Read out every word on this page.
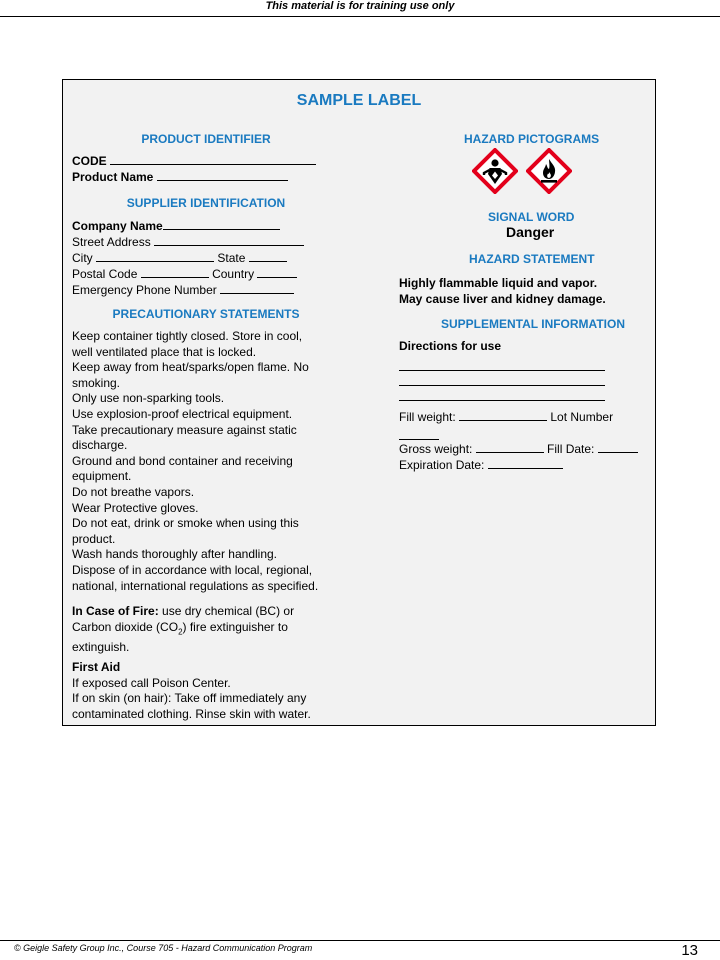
This material is for training use only
SAMPLE LABEL
PRODUCT IDENTIFIER
CODE
Product Name
SUPPLIER IDENTIFICATION
Company Name
Street Address
City	State
Postal Code	Country
Emergency Phone Number
PRECAUTIONARY STATEMENTS
Keep container tightly closed. Store in cool,
well ventilated place that is locked.
Keep away from heat/sparks/open flame. No
smoking.
Only use non-sparking tools.
Use explosion-proof electrical equipment.
Take precautionary measure against static
discharge.
Ground and bond container and receiving
equipment.
Do not breathe vapors.
Wear Protective gloves.
Do not eat, drink or smoke when using this
product.
Wash hands thoroughly after handling.
Dispose of in accordance with local, regional,
national, international regulations as specified.
In Case of Fire: use dry chemical (BC) or
Carbon dioxide $(CO_2)$ fire extinguisher to
extinguish.
First Aid
If exposed call Poison Center.
If on skin (on hair): Take off immediately any
contaminated clothing. Rinse skin with water.
HAZARD PICTOGRAMS
SIGNAL WORD
Danger
HAZARD STATEMENT
Highly flammable liquid and vapor.
May cause liver and kidney damage.
SUPPLEMENTAL INFORMATION
Directions for use
Fill weight:	Lot Number
Gross weight:	Fill Date:
Expiration Date:
© Geigle Safety Group Inc., Course 705 - Hazard Communication Program	13
